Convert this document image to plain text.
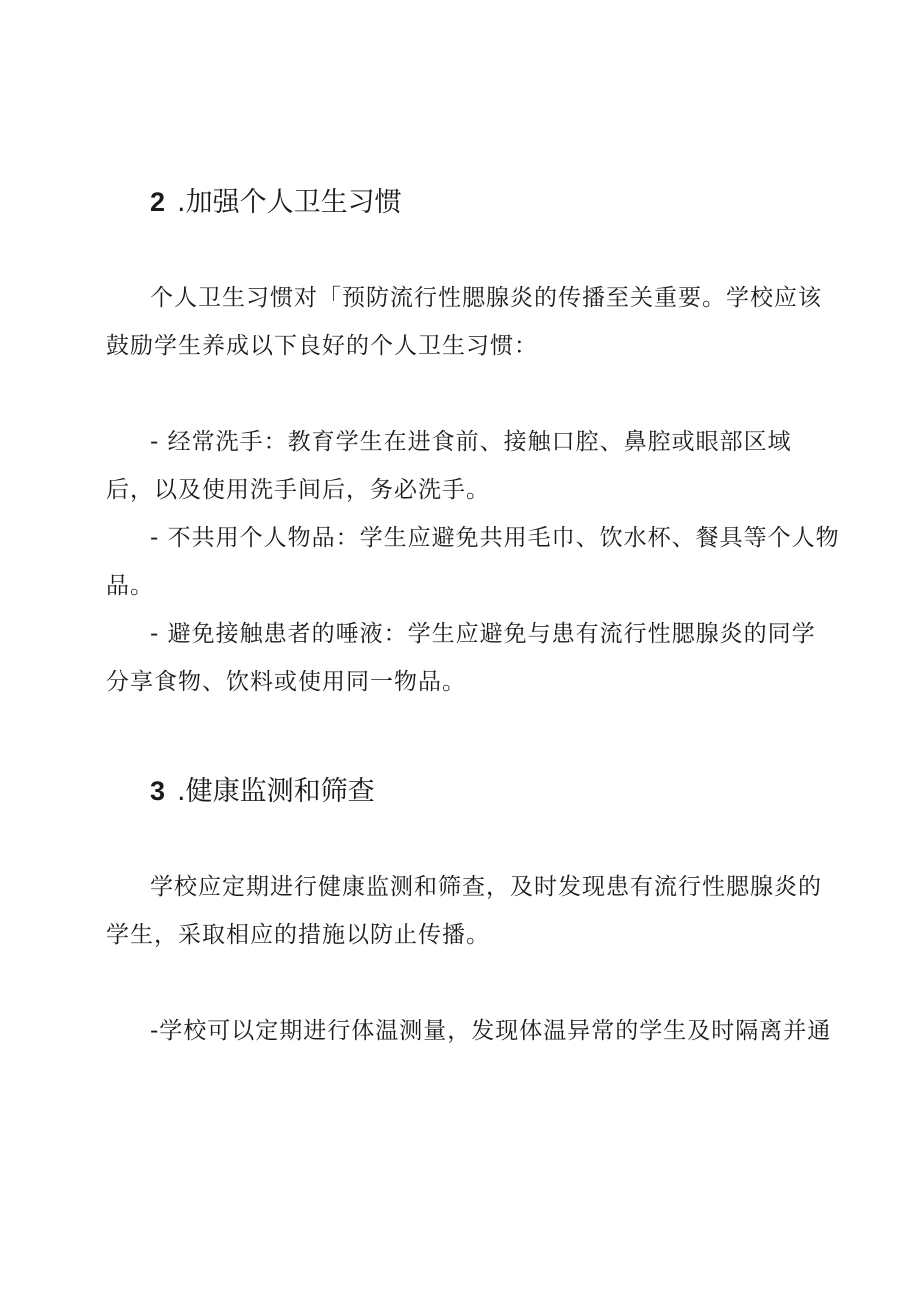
2 .加强个人卫生习惯
个人卫生习惯对「预防流行性腮腺炎的传播至关重要。学校应该
鼓励学生养成以下良好的个人卫生习惯：
- 经常洗手：教育学生在进食前、接触口腔、鼻腔或眼部区域
后，以及使用洗手间后，务必洗手。
- 不共用个人物品：学生应避免共用毛巾、饮水杯、餐具等个人物
品。
- 避免接触患者的唾液：学生应避免与患有流行性腮腺炎的同学
分享食物、饮料或使用同一物品。
3 .健康监测和筛查
学校应定期进行健康监测和筛查，及时发现患有流行性腮腺炎的
学生，采取相应的措施以防止传播。
-学校可以定期进行体温测量，发现体温异常的学生及时隔离并通
